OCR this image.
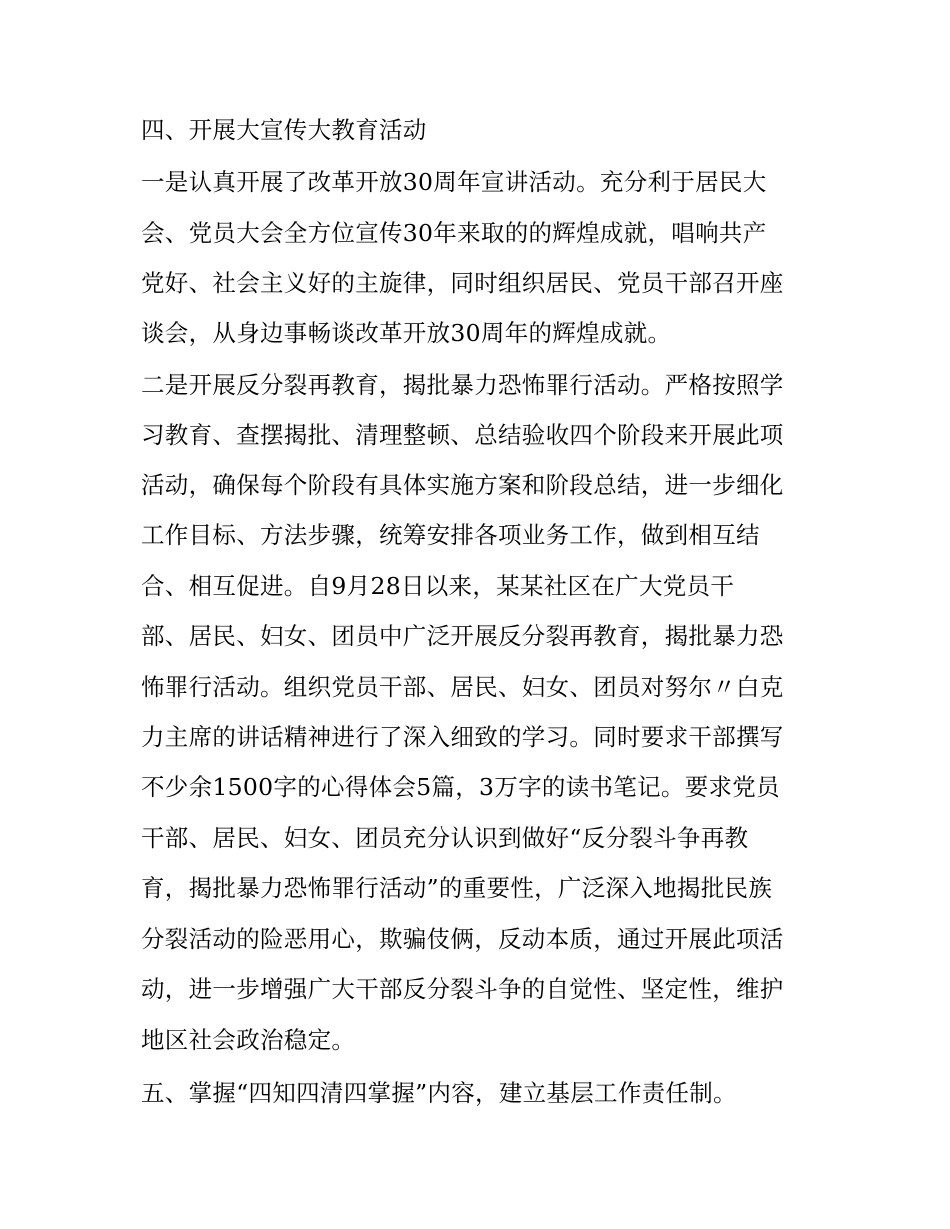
四、开展大宣传大教育活动
一是认真开展了改革开放30周年宣讲活动。充分利于居民大
会、党员大会全方位宣传30年来取的的辉煌成就，唱响共产
党好、社会主义好的主旋律，同时组织居民、党员干部召开座
谈会，从身边事畅谈改革开放30周年的辉煌成就。
二是开展反分裂再教育，揭批暴力恐怖罪行活动。严格按照学
习教育、查摆揭批、清理整顿、总结验收四个阶段来开展此项
活动，确保每个阶段有具体实施方案和阶段总结，进一步细化
工作目标、方法步骤，统筹安排各项业务工作，做到相互结
合、相互促进。自9月28日以来，某某社区在广大党员干
部、居民、妇女、团员中广泛开展反分裂再教育，揭批暴力恐
怖罪行活动。组织党员干部、居民、妇女、团员对努尔〃白克
力主席的讲话精神进行了深入细致的学习。同时要求干部撰写
不少余1500字的心得体会5篇，3万字的读书笔记。要求党员
干部、居民、妇女、团员充分认识到做好“反分裂斗争再教
育，揭批暴力恐怖罪行活动”的重要性，广泛深入地揭批民族
分裂活动的险恶用心，欺骗伎俩，反动本质，通过开展此项活
动，进一步增强广大干部反分裂斗争的自觉性、坚定性，维护
地区社会政治稳定。
五、掌握“四知四清四掌握”内容，建立基层工作责任制。
